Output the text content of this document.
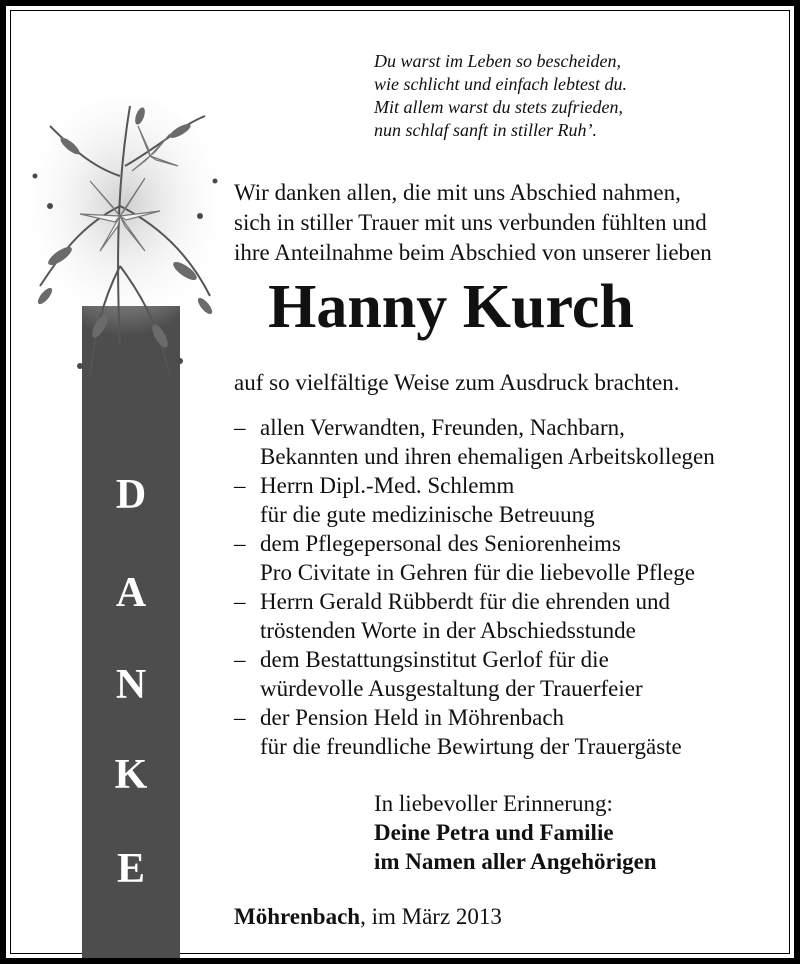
D
A
N
K
E
Du warst im Leben so bescheiden,
wie schlicht und einfach lebtest du.
Mit allem warst du stets zufrieden,
nun schlaf sanft in stiller Ruh’.
Wir danken allen, die mit uns Abschied nahmen,
sich in stiller Trauer mit uns verbunden fühlten und
ihre Anteilnahme beim Abschied von unserer lieben
Hanny Kurch
auf so vielfältige Weise zum Ausdruck brachten.
– allen Verwandten, Freunden, Nachbarn,
Bekannten und ihren ehemaligen Arbeitskollegen
– Herrn Dipl.-Med. Schlemm
für die gute medizinische Betreuung
– dem Pflegepersonal des Seniorenheims
Pro Civitate in Gehren für die liebevolle Pflege
– Herrn Gerald Rübberdt für die ehrenden und
tröstenden Worte in der Abschiedsstunde
– dem Bestattungsinstitut Gerlof für die
würdevolle Ausgestaltung der Trauerfeier
– der Pension Held in Möhrenbach
für die freundliche Bewirtung der Trauergäste
In liebevoller Erinnerung:
Deine Petra und Familie
im Namen aller Angehörigen
Möhrenbach, im März 2013
